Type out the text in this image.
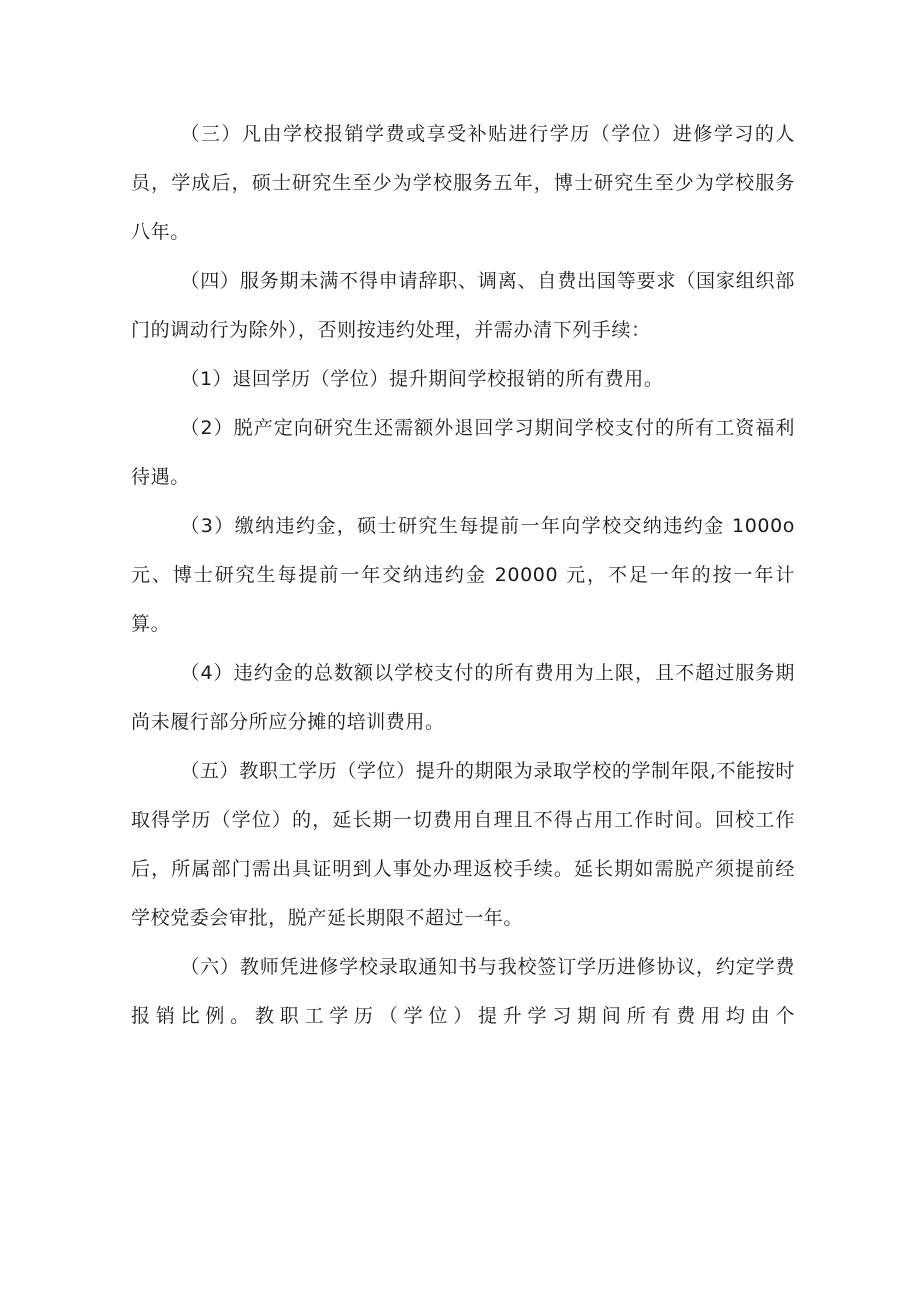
（三）凡由学校报销学费或享受补贴进行学历（学位）进修学习的人员，学成后，硕士研究生至少为学校服务五年，博士研究生至少为学校服务八年。

（四）服务期未满不得申请辞职、调离、自费出国等要求（国家组织部门的调动行为除外），否则按违约处理，并需办清下列手续：

（1）退回学历（学位）提升期间学校报销的所有费用。

（2）脱产定向研究生还需额外退回学习期间学校支付的所有工资福利待遇。

（3）缴纳违约金，硕士研究生每提前一年向学校交纳违约金 1000o 元、博士研究生每提前一年交纳违约金 20000 元，不足一年的按一年计算。

（4）违约金的总数额以学校支付的所有费用为上限，且不超过服务期尚未履行部分所应分摊的培训费用。

（五）教职工学历（学位）提升的期限为录取学校的学制年限,不能按时取得学历（学位）的，延长期一切费用自理且不得占用工作时间。回校工作后，所属部门需出具证明到人事处办理返校手续。延长期如需脱产须提前经学校党委会审批，脱产延长期限不超过一年。

（六）教师凭进修学校录取通知书与我校签订学历进修协议，约定学费报销比例。教职工学历（学位）提升学习期间所有费用均由个
